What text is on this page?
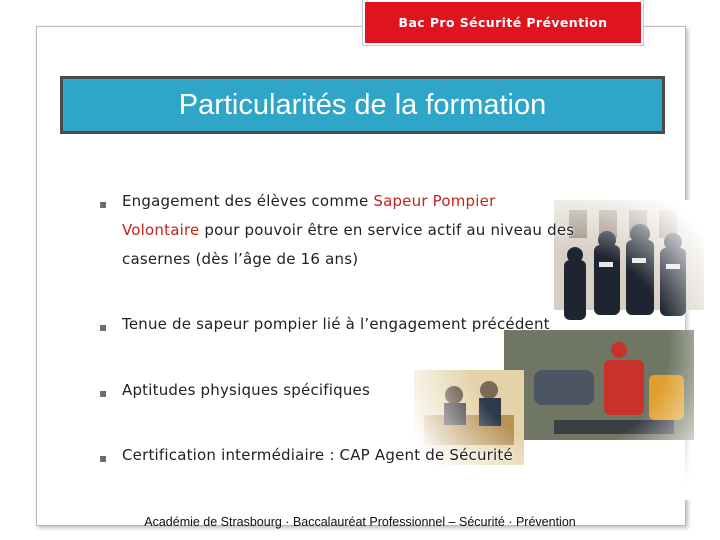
Bac Pro Sécurité Prévention
Particularités de la formation
▪ Engagement des élèves comme Sapeur Pompier
Volontaire pour pouvoir être en service actif au niveau des
casernes (dès l’âge de 16 ans)
▪ Tenue de sapeur pompier lié à l’engagement précédent
▪ Aptitudes physiques spécifiques
▪ Certification intermédiaire : CAP Agent de Sécurité
Académie de Strasbourg · Baccalauréat Professionnel – Sécurité · Prévention
